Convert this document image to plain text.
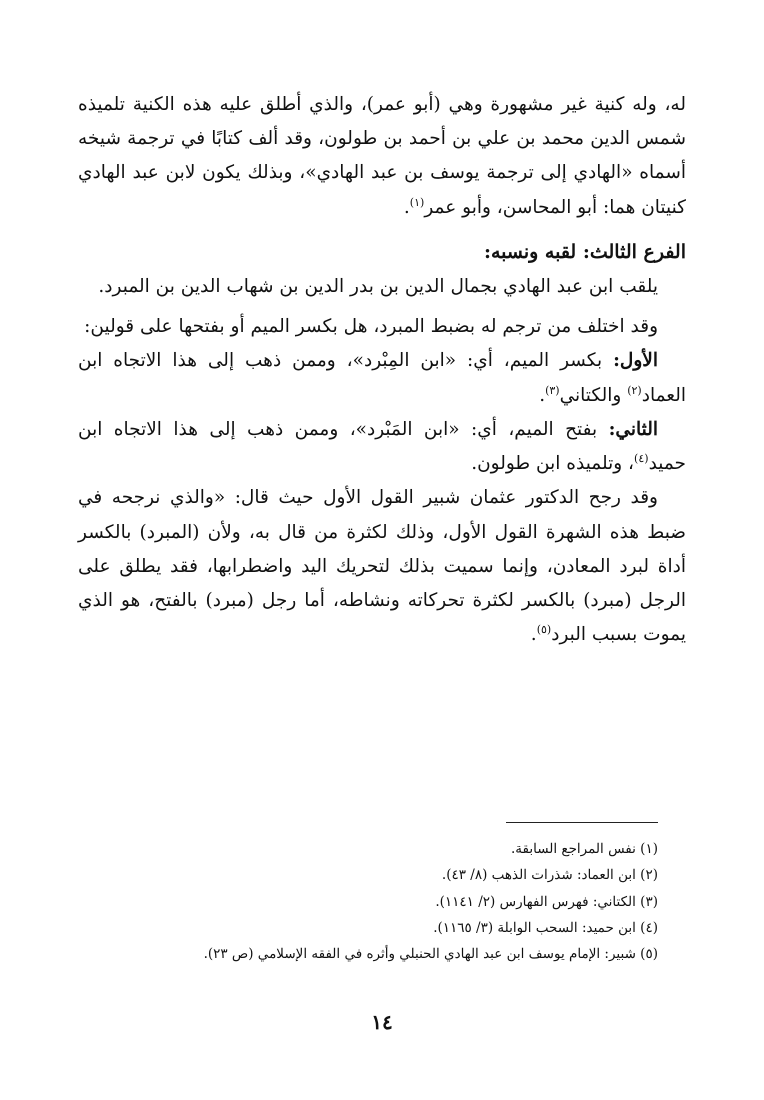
له، وله كنية غير مشهورة وهي (أبو عمر)، والذي أطلق عليه هذه الكنية تلميذه شمس الدين محمد بن علي بن أحمد بن طولون، وقد ألف كتابًا في ترجمة شيخه أسماه «الهادي إلى ترجمة يوسف بن عبد الهادي»، وبذلك يكون لابن عبد الهادي كنيتان هما: أبو المحاسن، وأبو عمر$^{(١)}$.

الفرع الثالث: لقبه ونسبه:

يلقب ابن عبد الهادي بجمال الدين بن بدر الدين بن شهاب الدين بن المبرد.

وقد اختلف من ترجم له بضبط المبرد، هل بكسر الميم أو بفتحها على قولين:

الأول: بكسر الميم، أي: «ابن المِبْرد»، وممن ذهب إلى هذا الاتجاه ابن العماد$^{(٢)}$ والكتاني$^{(٣)}$.

الثاني: بفتح الميم، أي: «ابن المَبْرد»، وممن ذهب إلى هذا الاتجاه ابن حميد$^{(٤)}$، وتلميذه ابن طولون.

وقد رجح الدكتور عثمان شبير القول الأول حيث قال: «والذي نرجحه في ضبط هذه الشهرة القول الأول، وذلك لكثرة من قال به، ولأن (المبرد) بالكسر أداة لبرد المعادن، وإنما سميت بذلك لتحريك اليد واضطرابها، فقد يطلق على الرجل (مبرد) بالكسر لكثرة تحركاته ونشاطه، أما رجل (مبرد) بالفتح، هو الذي يموت بسبب البرد$^{(٥)}$.

(١) نفس المراجع السابقة.

(٢) ابن العماد: شذرات الذهب (٨/ ٤٣).

(٣) الكتاني: فهرس الفهارس (٢/ ١١٤١).

(٤) ابن حميد: السحب الوابلة (٣/ ١١٦٥).

(٥) شبير: الإمام يوسف ابن عبد الهادي الحنبلي وأثره في الفقه الإسلامي (ص ٢٣).

١٤
